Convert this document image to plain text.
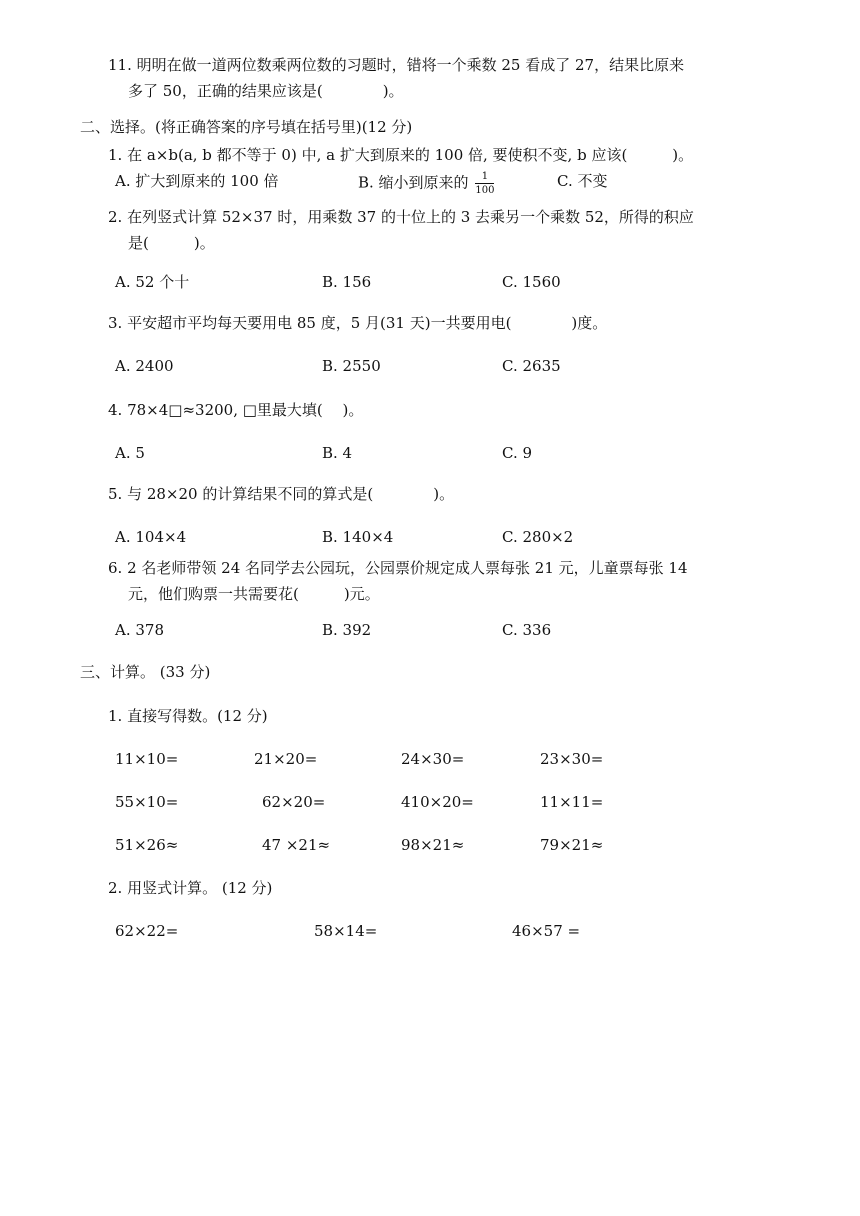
11. 明明在做一道两位数乘两位数的习题时，错将一个乘数 25 看成了 27，结果比原来
多了 50，正确的结果应该是(　　　　)。
二、选择。(将正确答案的序号填在括号里)(12 分)
1. 在 a×b(a, b 都不等于 0) 中, a 扩大到原来的 100 倍, 要使积不变, b 应该(　　　)。
A. 扩大到原来的 100 倍	B. 缩小到原来的 $\frac{1}{100}$	C. 不变
2. 在列竖式计算 52×37 时，用乘数 37 的十位上的 3 去乘另一个乘数 52，所得的积应
是(　　　)。
A. 52 个十	B. 156	C. 1560
3. 平安超市平均每天要用电 85 度，5 月(31 天)一共要用电(　　　　)度。
A. 2400	B. 2550	C. 2635
4. 78×4□≈3200, □里最大填(　 )。
A. 5	B. 4	C. 9
5. 与 28×20 的计算结果不同的算式是(　　　　)。
A. 104×4	B. 140×4	C. 280×2
6. 2 名老师带领 24 名同学去公园玩，公园票价规定成人票每张 21 元，儿童票每张 14
元，他们购票一共需要花(　　　)元。
A. 378	B. 392	C. 336
三、计算。 (33 分)
1. 直接写得数。(12 分)
11×10=	21×20=	24×30=	23×30=
55×10=	62×20=	410×20=	11×11=
51×26≈	47 ×21≈	98×21≈	79×21≈
2. 用竖式计算。 (12 分)
62×22=	58×14=	46×57 =
